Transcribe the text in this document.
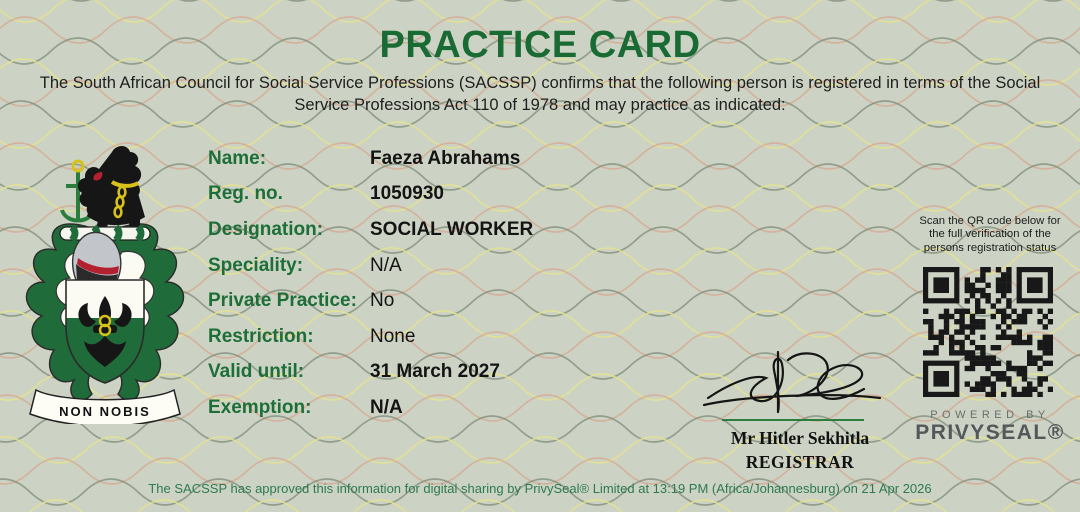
PRACTICE CARD
The South African Council for Social Service Professions (SACSSP) confirms that the following person is registered in terms of the Social
Service Professions Act 110 of 1978 and may practice as indicated:
NON NOBIS
Name:	Faeza Abrahams
Reg. no.	1050930
Designation:	SOCIAL WORKER
Speciality:	N/A
Private Practice: No
Restriction:	None
Valid until:	31 March 2027
Exemption:	N/A
Scan the QR code below for the full verification of the persons registration status
POWERED BY
PRIVYSEAL®
Mr Hitler Sekhitla
REGISTRAR
The SACSSP has approved this information for digital sharing by PrivySeal® Limited at 13:19 PM (Africa/Johannesburg) on 21 Apr 2026
